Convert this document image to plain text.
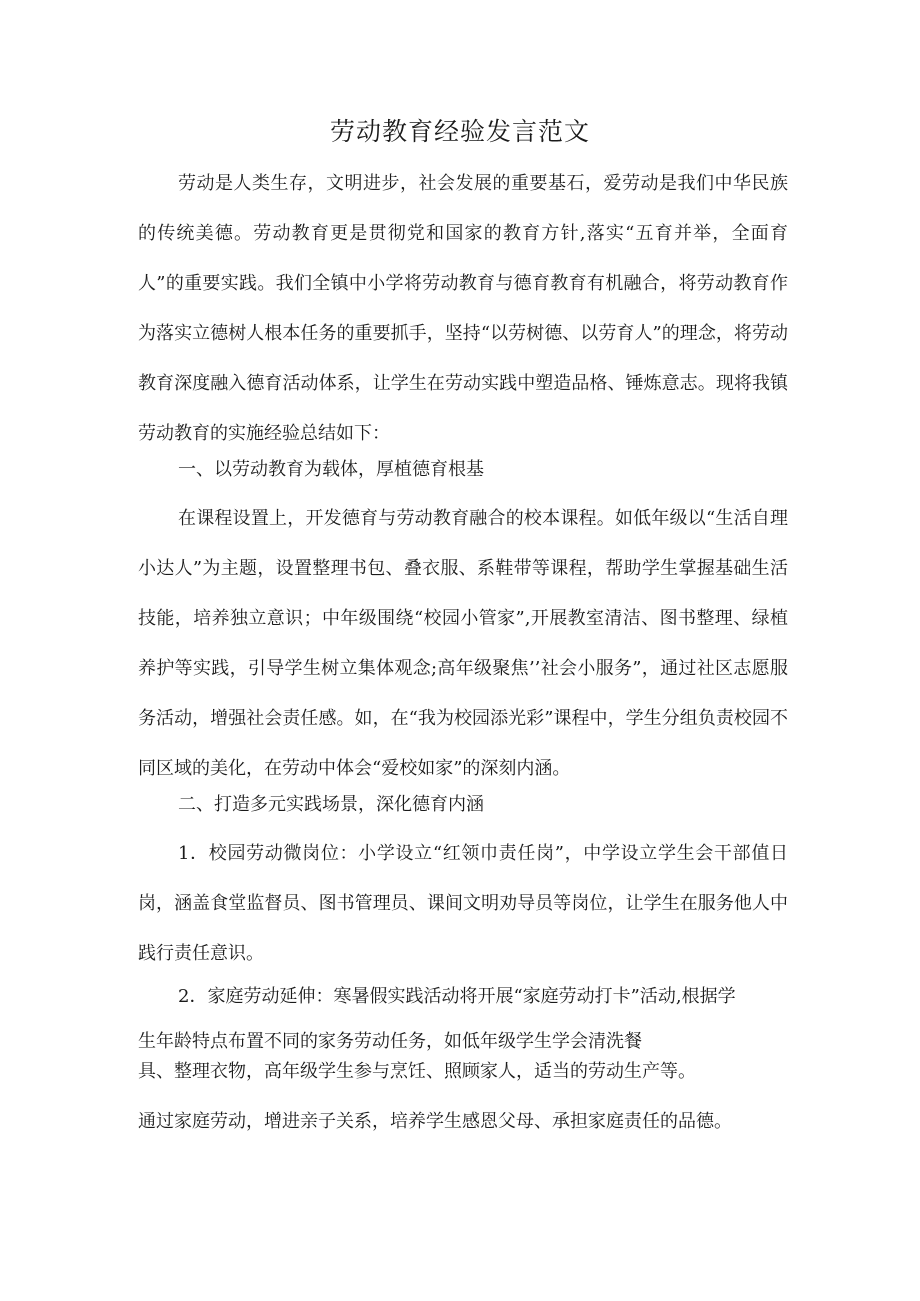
劳动教育经验发言范文

劳动是人类生存，文明进步，社会发展的重要基石，爱劳动是我们中华民族的传统美德。劳动教育更是贯彻党和国家的教育方针,落实“五育并举，全面育人”的重要实践。我们全镇中小学将劳动教育与德育教育有机融合，将劳动教育作为落实立德树人根本任务的重要抓手，坚持“以劳树德、以劳育人”的理念，将劳动教育深度融入德育活动体系，让学生在劳动实践中塑造品格、锤炼意志。现将我镇劳动教育的实施经验总结如下：

一、以劳动教育为载体，厚植德育根基

在课程设置上，开发德育与劳动教育融合的校本课程。如低年级以“生活自理小达人”为主题，设置整理书包、叠衣服、系鞋带等课程，帮助学生掌握基础生活技能，培养独立意识；中年级围绕“校园小管家”,开展教室清洁、图书整理、绿植养护等实践，引导学生树立集体观念;高年级聚焦’’社会小服务”，通过社区志愿服务活动，增强社会责任感。如，在“我为校园添光彩”课程中，学生分组负责校园不同区域的美化，在劳动中体会“爱校如家”的深刻内涵。

二、打造多元实践场景，深化德育内涵

1．校园劳动微岗位：小学设立“红领巾责任岗”，中学设立学生会干部值日岗，涵盖食堂监督员、图书管理员、课间文明劝导员等岗位，让学生在服务他人中践行责任意识。

2．家庭劳动延伸：寒暑假实践活动将开展“家庭劳动打卡”活动,根据学

生年龄特点布置不同的家务劳动任务，如低年级学生学会清洗餐

具、整理衣物，高年级学生参与烹饪、照顾家人，适当的劳动生产等。

通过家庭劳动，增进亲子关系，培养学生感恩父母、承担家庭责任的品德。
